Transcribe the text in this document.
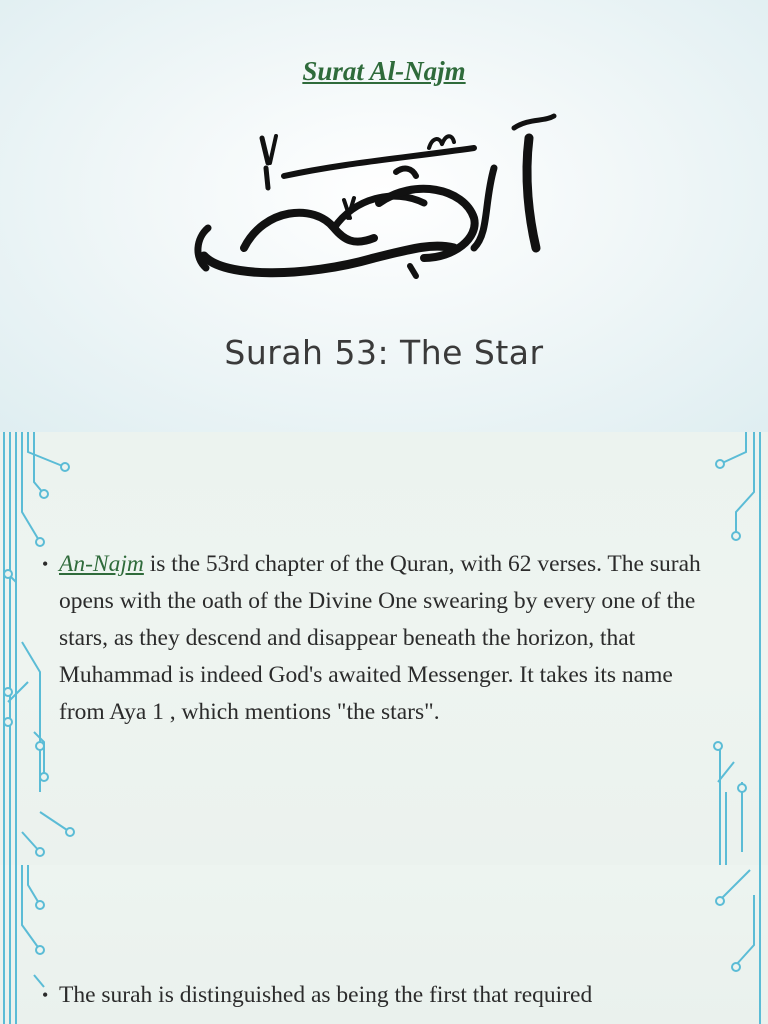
Surat Al-Najm
Surah 53: The Star
• An-Najm is the 53rd chapter of the Quran, with 62 verses. The surah opens with the oath of the Divine One swearing by every one of the stars, as they descend and disappear beneath the horizon, that Muhammad is indeed God's awaited Messenger. It takes its name from Aya 1 , which mentions "the stars".
• The surah is distinguished as being the first that required
